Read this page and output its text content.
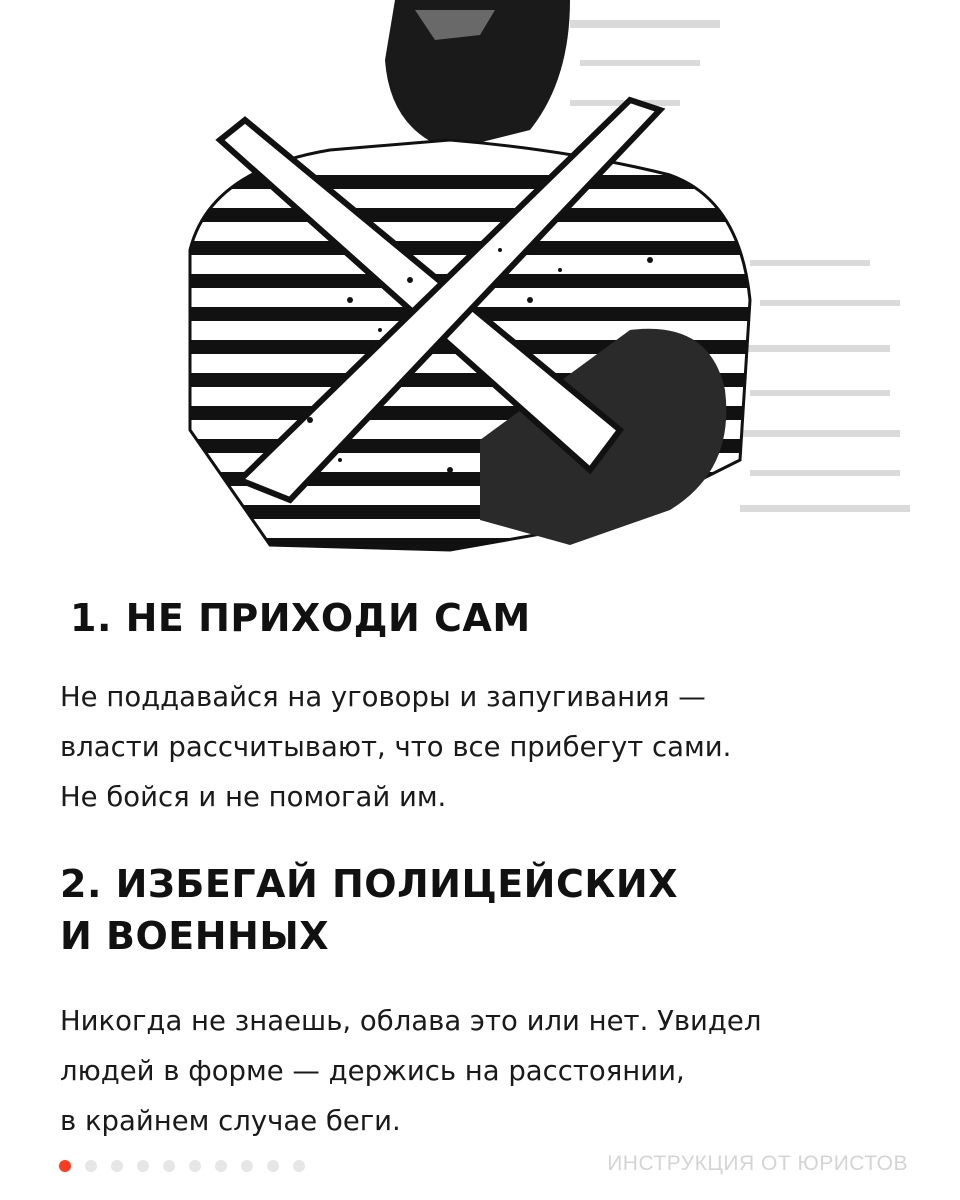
1. НЕ ПРИХОДИ САМ

Не поддавайся на уговоры и запугивания —
власти рассчитывают, что все прибегут сами.
Не бойся и не помогай им.

2. ИЗБЕГАЙ ПОЛИЦЕЙСКИХ
И ВОЕННЫХ

Никогда не знаешь, облава это или нет. Увидел
людей в форме — держись на расстоянии,
в крайнем случае беги.

ИНСТРУКЦИЯ ОТ ЮРИСТОВ
